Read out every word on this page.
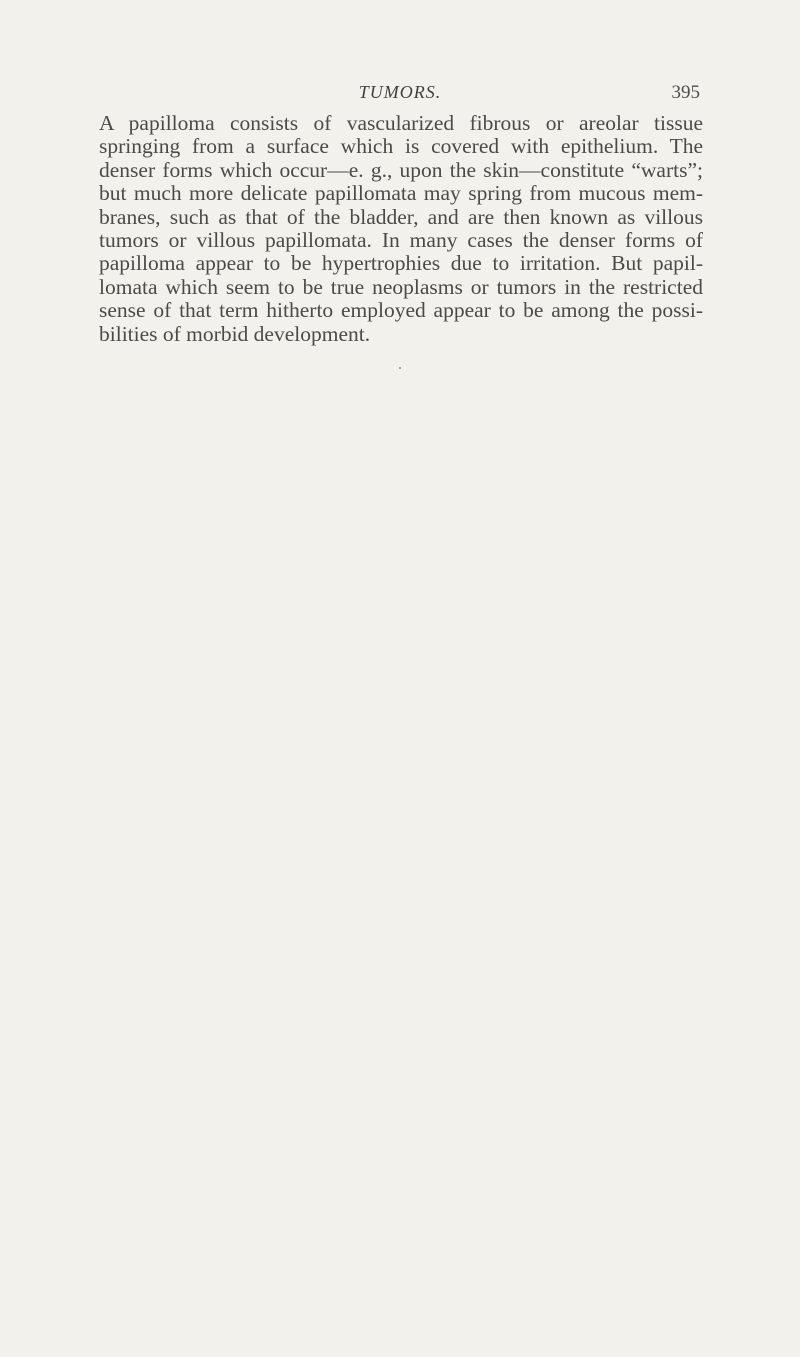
TUMORS.	395
A papilloma consists of vascularized fibrous or areolar tissue
springing from a surface which is covered with epithelium. The
denser forms which occur—e. g., upon the skin—constitute “warts”;
but much more delicate papillomata may spring from mucous mem-
branes, such as that of the bladder, and are then known as villous
tumors or villous papillomata. In many cases the denser forms of
papilloma appear to be hypertrophies due to irritation. But papil-
lomata which seem to be true neoplasms or tumors in the restricted
sense of that term hitherto employed appear to be among the possi-
bilities of morbid development.
